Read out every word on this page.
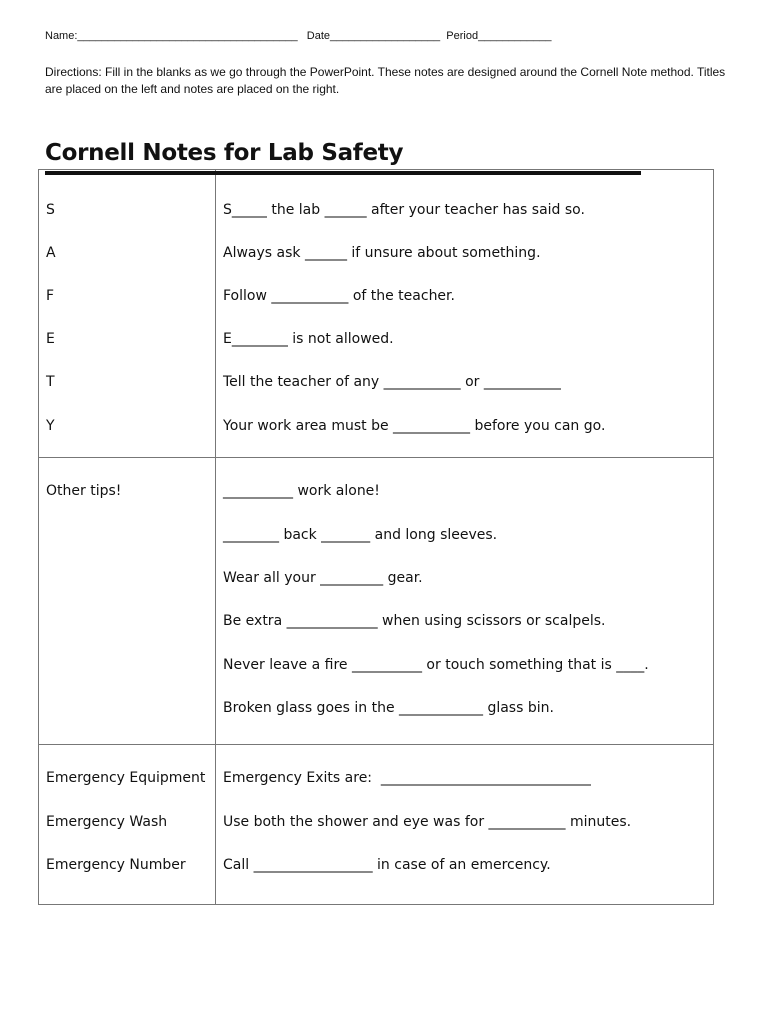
Name:____________________________________   Date__________________  Period____________
Directions: Fill in the blanks as we go through the PowerPoint. These notes are designed around the Cornell Note method. Titles are placed on the left and notes are placed on the right.
Cornell Notes for Lab Safety
S
A
F
E
T
Y
S_____ the lab ______ after your teacher has said so.
Always ask ______ if unsure about something.
Follow ___________ of the teacher.
E________ is not allowed.
Tell the teacher of any ___________ or ___________
Your work area must be ___________ before you can go.
Other tips!	__________ work alone!
________ back _______ and long sleeves.
Wear all your _________ gear.
Be extra _____________ when using scissors or scalpels.
Never leave a fire __________ or touch something that is ____.
Broken glass goes in the ____________ glass bin.
Emergency Equipment
Emergency Wash
Emergency Number
Emergency Exits are:  ______________________________
Use both the shower and eye was for ___________ minutes.
Call _________________ in case of an emercency.
